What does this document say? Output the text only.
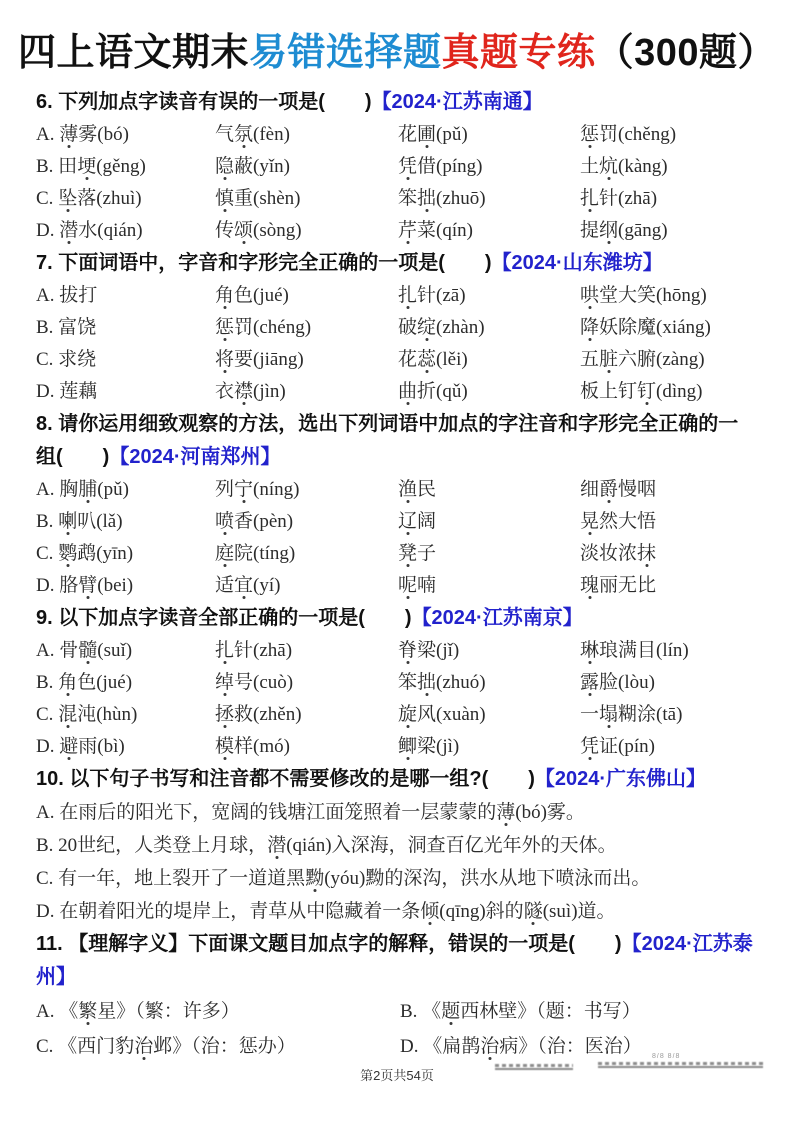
四上语文期末易错选择题真题专练（300题）

6. 下列加点字读音有误的一项是(　　)【2024·江苏南通】

A. 薄雾(bó)	气氛(fèn)	花圃(pǔ)	惩罚(chěng)
B. 田埂(gěng)	隐蔽(yǐn)	凭借(píng)	土炕(kàng)
C. 坠落(zhuì)	慎重(shèn)	笨拙(zhuō)	扎针(zhā)
D. 潜水(qián)	传颂(sòng)	芹菜(qín)	提纲(gāng)

7. 下面词语中，字音和字形完全正确的一项是(　　)【2024·山东潍坊】

A. 拔打	角色(jué)	扎针(zā)	哄堂大笑(hōng)
B. 富饶	惩罚(chéng)	破绽(zhàn)	降妖除魔(xiáng)
C. 求绕	将要(jiāng)	花蕊(lěi)	五脏六腑(zàng)
D. 莲藕	衣襟(jìn)	曲折(qǔ)	板上钉钉(dìng)

8. 请你运用细致观察的方法，选出下列词语中加点的字注音和字形完全正确的一组(　　)【2024·河南郑州】

A. 胸脯(pǔ)	列宁(níng)	渔民	细爵慢咽
B. 喇叭(lǎ)	喷香(pèn)	辽阔	晃然大悟
C. 鹦鹉(yīn)	庭院(tíng)	凳子	淡妆浓抹
D. 胳臂(bei)	适宜(yí)	呢喃	瑰丽无比

9. 以下加点字读音全部正确的一项是(　　)【2024·江苏南京】

A. 骨髓(suǐ)	扎针(zhā)	脊梁(jǐ)	琳琅满目(lín)
B. 角色(jué)	绰号(cuò)	笨拙(zhuó)	露脸(lòu)
C. 混沌(hùn)	拯救(zhěn)	旋风(xuàn)	一塌糊涂(tā)
D. 避雨(bì)	模样(mó)	鲫梁(jì)	凭证(pín)

10. 以下句子书写和注音都不需要修改的是哪一组?(　　)【2024·广东佛山】

A. 在雨后的阳光下，宽阔的钱塘江面笼照着一层蒙蒙的薄(bó)雾。
B. 20世纪，人类登上月球，潜(qián)入深海，洞查百亿光年外的天体。
C. 有一年，地上裂开了一道道黑黝(yóu)黝的深沟，洪水从地下喷泳而出。
D. 在朝着阳光的堤岸上，青草从中隐藏着一条倾(qīng)斜的隧(suì)道。

11. 【理解字义】下面课文题目加点字的解释，错误的一项是(　　)【2024·江苏泰州】

A. 《繁星》（繁：许多）	B. 《题西林壁》（题：书写）
C. 《西门豹治邺》（治：惩办）	D. 《扁鹊治病》（治：医治）
第2页共54页
8/8 8/8
